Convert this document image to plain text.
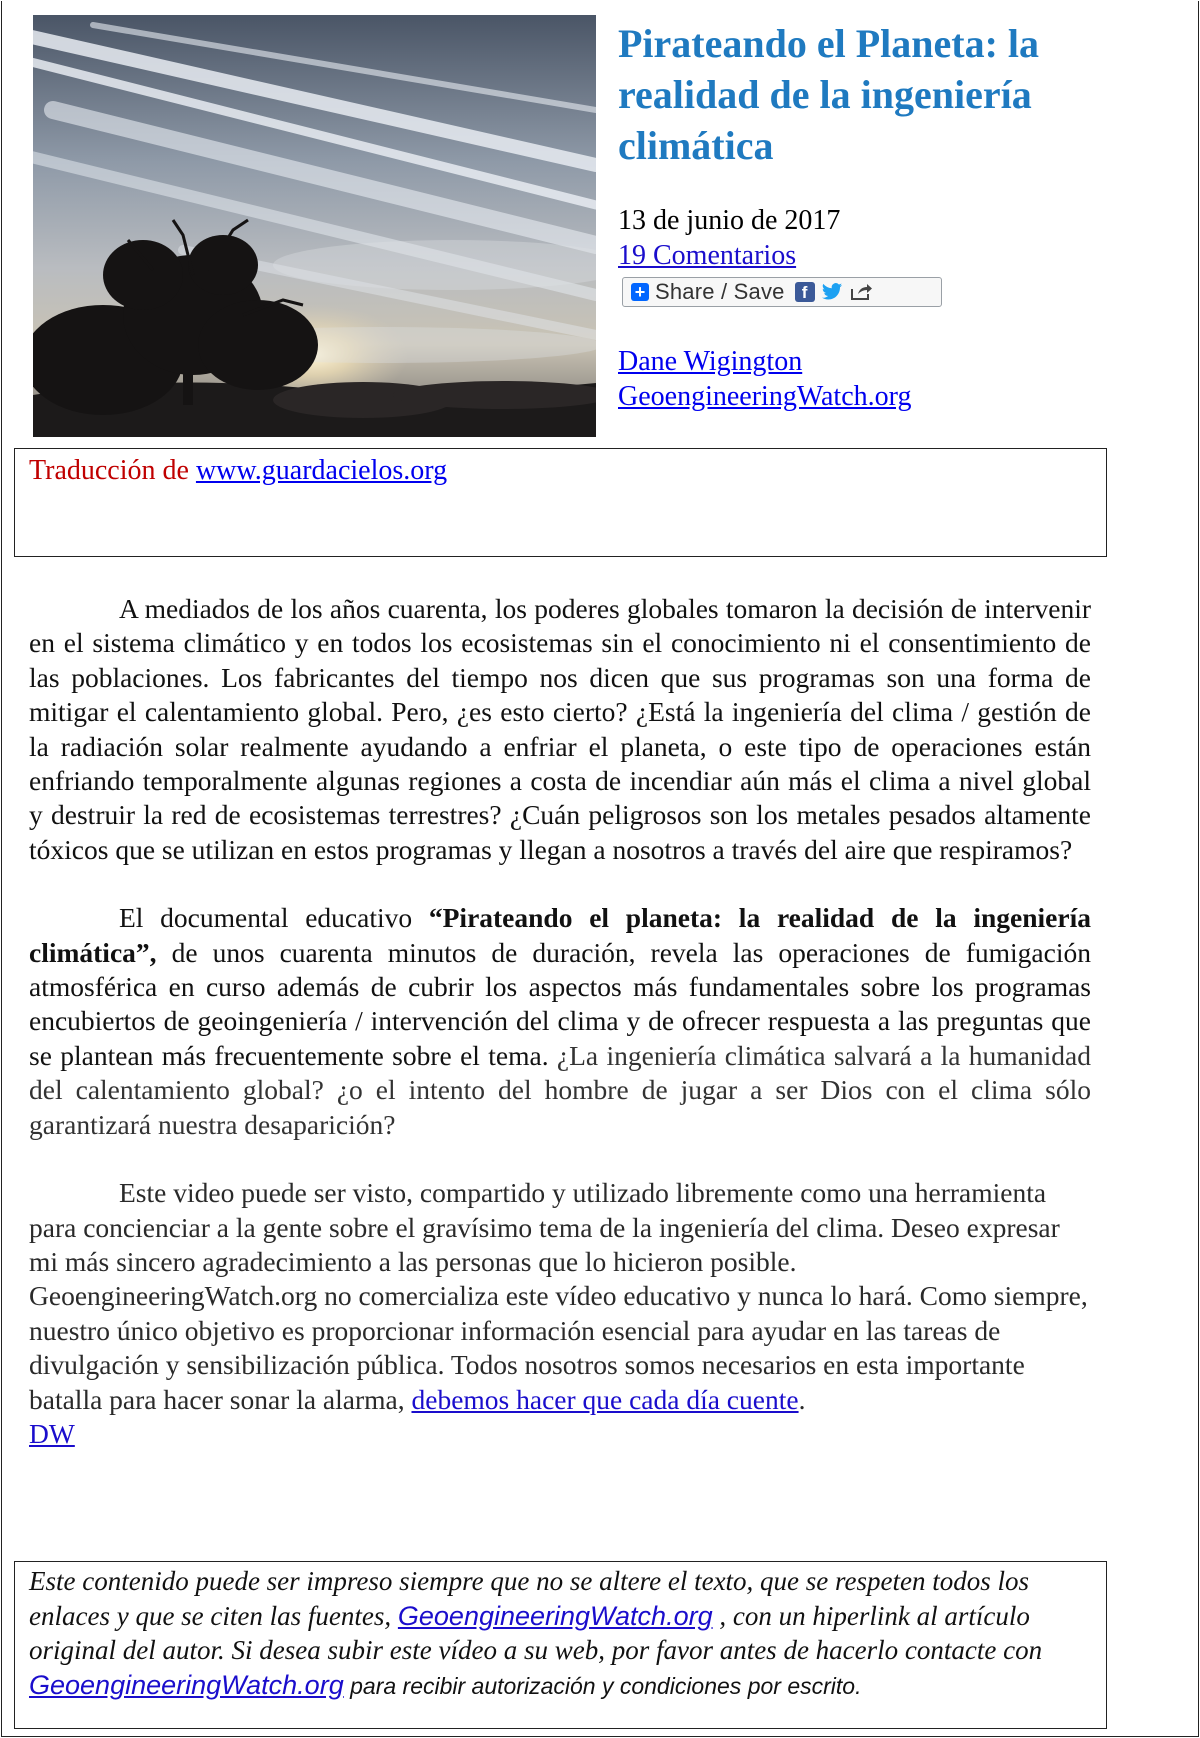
Pirateando el Planeta: la realidad de la ingeniería climática
13 de junio de 2017
19 Comentarios
+ Share / Save	f
Dane Wigington
GeoengineeringWatch.org
Traducción de www.guardacielos.org

A mediados de los años cuarenta, los poderes globales tomaron la decisión de intervenir en el sistema climático y en todos los ecosistemas sin el conocimiento ni el consentimiento de las poblaciones. Los fabricantes del tiempo nos dicen que sus programas son una forma de mitigar el calentamiento global. Pero, ¿es esto cierto? ¿Está la ingeniería del clima / gestión de la radiación solar realmente ayudando a enfriar el planeta, o este tipo de operaciones están enfriando temporalmente algunas regiones a costa de incendiar aún más el clima a nivel global y destruir la red de ecosistemas terrestres? ¿Cuán peligrosos son los metales pesados altamente tóxicos que se utilizan en estos programas y llegan a nosotros a través del aire que respiramos?

El documental educativo “Pirateando el planeta: la realidad de la ingeniería climática”, de unos cuarenta minutos de duración, revela las operaciones de fumigación atmosférica en curso además de cubrir los aspectos más fundamentales sobre los programas encubiertos de geoingeniería / intervención del clima y de ofrecer respuesta a las preguntas que se plantean más frecuentemente sobre el tema. ¿La ingeniería climática salvará a la humanidad del calentamiento global? ¿o el intento del hombre de jugar a ser Dios con el clima sólo garantizará nuestra desaparición?

Este video puede ser visto, compartido y utilizado libremente como una herramienta para concienciar a la gente sobre el gravísimo tema de la ingeniería del clima. Deseo expresar mi más sincero agradecimiento a las personas que lo hicieron posible. GeoengineeringWatch.org no comercializa este vídeo educativo y nunca lo hará. Como siempre, nuestro único objetivo es proporcionar información esencial para ayudar en las tareas de divulgación y sensibilización pública. Todos nosotros somos necesarios en esta importante batalla para hacer sonar la alarma, debemos hacer que cada día cuente.
DW

Este contenido puede ser impreso siempre que no se altere el texto, que se respeten todos los enlaces y que se citen las fuentes, GeoengineeringWatch.org , con un hiperlink al artículo original del autor. Si desea subir este vídeo a su web, por favor antes de hacerlo contacte con GeoengineeringWatch.org para recibir autorización y condiciones por escrito.
